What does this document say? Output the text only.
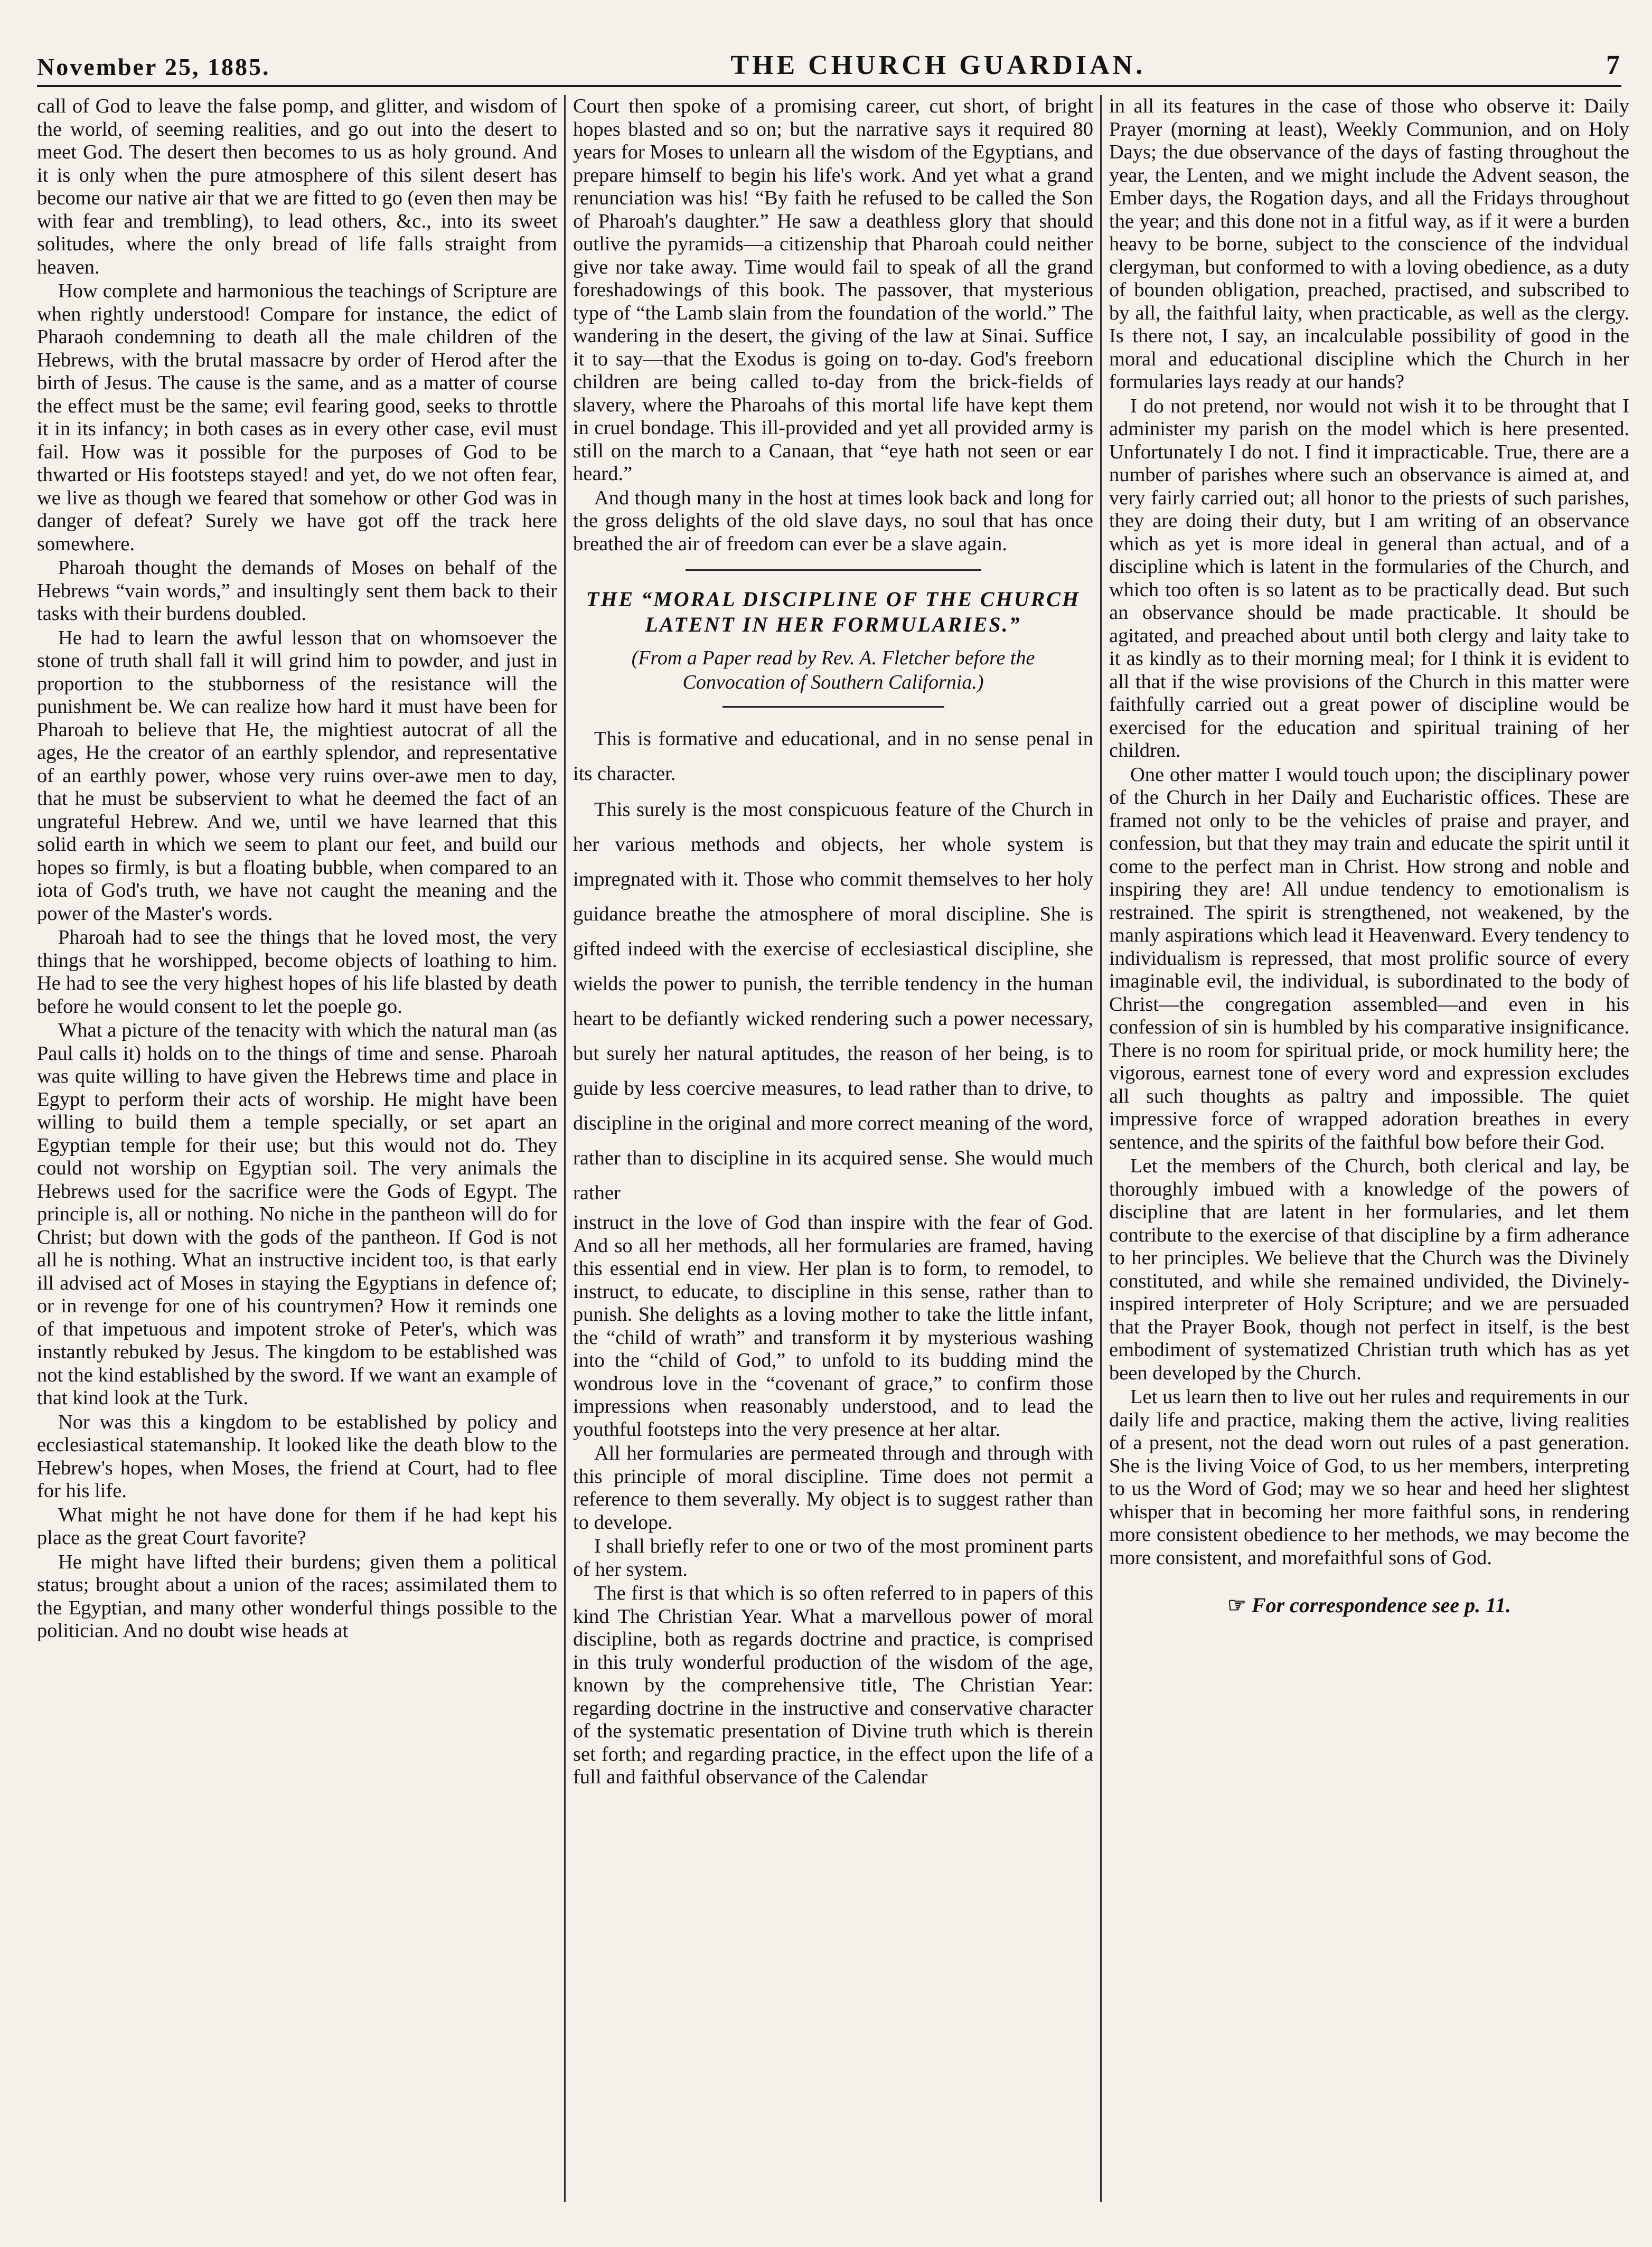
November 25, 1885.	THE CHURCH GUARDIAN.	7

call of God to leave the false pomp, and glitter, and wisdom of the world, of seeming realities, and go out into the desert to meet God. The desert then becomes to us as holy ground. And it is only when the pure atmosphere of this silent desert has become our native air that we are fitted to go (even then may be with fear and trembling), to lead others, &c., into its sweet solitudes, where the only bread of life falls straight from heaven.

How complete and harmonious the teachings of Scripture are when rightly understood! Compare for instance, the edict of Pharaoh condemning to death all the male children of the Hebrews, with the brutal massacre by order of Herod after the birth of Jesus. The cause is the same, and as a matter of course the effect must be the same; evil fearing good, seeks to throttle it in its infancy; in both cases as in every other case, evil must fail. How was it possible for the purposes of God to be thwarted or His footsteps stayed! and yet, do we not often fear, we live as though we feared that somehow or other God was in danger of defeat? Surely we have got off the track here somewhere.

Pharoah thought the demands of Moses on behalf of the Hebrews “vain words,” and insultingly sent them back to their tasks with their burdens doubled.

He had to learn the awful lesson that on whomsoever the stone of truth shall fall it will grind him to powder, and just in proportion to the stubborness of the resistance will the punishment be. We can realize how hard it must have been for Pharoah to believe that He, the mightiest autocrat of all the ages, He the creator of an earthly splendor, and representative of an earthly power, whose very ruins over-awe men to day, that he must be subservient to what he deemed the fact of an ungrateful Hebrew. And we, until we have learned that this solid earth in which we seem to plant our feet, and build our hopes so firmly, is but a floating bubble, when compared to an iota of God's truth, we have not caught the meaning and the power of the Master's words.

Pharoah had to see the things that he loved most, the very things that he worshipped, become objects of loathing to him. He had to see the very highest hopes of his life blasted by death before he would consent to let the poeple go.

What a picture of the tenacity with which the natural man (as Paul calls it) holds on to the things of time and sense. Pharoah was quite willing to have given the Hebrews time and place in Egypt to perform their acts of worship. He might have been willing to build them a temple specially, or set apart an Egyptian temple for their use; but this would not do. They could not worship on Egyptian soil. The very animals the Hebrews used for the sacrifice were the Gods of Egypt. The principle is, all or nothing. No niche in the pantheon will do for Christ; but down with the gods of the pantheon. If God is not all he is nothing. What an instructive incident too, is that early ill advised act of Moses in staying the Egyptians in defence of; or in revenge for one of his countrymen? How it reminds one of that impetuous and impotent stroke of Peter's, which was instantly rebuked by Jesus. The kingdom to be established was not the kind established by the sword. If we want an example of that kind look at the Turk.

Nor was this a kingdom to be established by policy and ecclesiastical statemanship. It looked like the death blow to the Hebrew's hopes, when Moses, the friend at Court, had to flee for his life.

What might he not have done for them if he had kept his place as the great Court favorite?

He might have lifted their burdens; given them a political status; brought about a union of the races; assimilated them to the Egyptian, and many other wonderful things possible to the politician. And no doubt wise heads at

Court then spoke of a promising career, cut short, of bright hopes blasted and so on; but the narrative says it required 80 years for Moses to unlearn all the wisdom of the Egyptians, and prepare himself to begin his life's work. And yet what a grand renunciation was his! “By faith he refused to be called the Son of Pharoah's daughter.” He saw a deathless glory that should outlive the pyramids—a citizenship that Pharoah could neither give nor take away. Time would fail to speak of all the grand foreshadowings of this book. The passover, that mysterious type of “the Lamb slain from the foundation of the world.” The wandering in the desert, the giving of the law at Sinai. Suffice it to say—that the Exodus is going on to-day. God's freeborn children are being called to-day from the brick-fields of slavery, where the Pharoahs of this mortal life have kept them in cruel bondage. This ill-provided and yet all provided army is still on the march to a Canaan, that “eye hath not seen or ear heard.”

And though many in the host at times look back and long for the gross delights of the old slave days, no soul that has once breathed the air of freedom can ever be a slave again.

THE “MORAL DISCIPLINE OF THE CHURCH LATENT IN HER FORMULARIES.”
(From a Paper read by Rev. A. Fletcher before the Convocation of Southern California.)

This is formative and educational, and in no sense penal in its character.

This surely is the most conspicuous feature of the Church in her various methods and objects, her whole system is impregnated with it. Those who commit themselves to her holy guidance breathe the atmosphere of moral discipline. She is gifted indeed with the exercise of ecclesiastical discipline, she wields the power to punish, the terrible tendency in the human heart to be defiantly wicked rendering such a power necessary, but surely her natural aptitudes, the reason of her being, is to guide by less coercive measures, to lead rather than to drive, to discipline in the original and more correct meaning of the word, rather than to discipline in its acquired sense. She would much rather

instruct in the love of God than inspire with the fear of God. And so all her methods, all her formularies are framed, having this essential end in view. Her plan is to form, to remodel, to instruct, to educate, to discipline in this sense, rather than to punish. She delights as a loving mother to take the little infant, the “child of wrath” and transform it by mysterious washing into the “child of God,” to unfold to its budding mind the wondrous love in the “covenant of grace,” to confirm those impressions when reasonably understood, and to lead the youthful footsteps into the very presence at her altar.

All her formularies are permeated through and through with this principle of moral discipline. Time does not permit a reference to them severally. My object is to suggest rather than to develope.

I shall briefly refer to one or two of the most prominent parts of her system.

The first is that which is so often referred to in papers of this kind The Christian Year. What a marvellous power of moral discipline, both as regards doctrine and practice, is comprised in this truly wonderful production of the wisdom of the age, known by the comprehensive title, The Christian Year: regarding doctrine in the instructive and conservative character of the systematic presentation of Divine truth which is therein set forth; and regarding practice, in the effect upon the life of a full and faithful observance of the Calendar

in all its features in the case of those who observe it: Daily Prayer (morning at least), Weekly Communion, and on Holy Days; the due observance of the days of fasting throughout the year, the Lenten, and we might include the Advent season, the Ember days, the Rogation days, and all the Fridays throughout the year; and this done not in a fitful way, as if it were a burden heavy to be borne, subject to the conscience of the indvidual clergyman, but conformed to with a loving obedience, as a duty of bounden obligation, preached, practised, and subscribed to by all, the faithful laity, when practicable, as well as the clergy. Is there not, I say, an incalculable possibility of good in the moral and educational discipline which the Church in her formularies lays ready at our hands?

I do not pretend, nor would not wish it to be throught that I administer my parish on the model which is here presented. Unfortunately I do not. I find it impracticable. True, there are a number of parishes where such an observance is aimed at, and very fairly carried out; all honor to the priests of such parishes, they are doing their duty, but I am writing of an observance which as yet is more ideal in general than actual, and of a discipline which is latent in the formularies of the Church, and which too often is so latent as to be practically dead. But such an observance should be made practicable. It should be agitated, and preached about until both clergy and laity take to it as kindly as to their morning meal; for I think it is evident to all that if the wise provisions of the Church in this matter were faithfully carried out a great power of discipline would be exercised for the education and spiritual training of her children.

One other matter I would touch upon; the disciplinary power of the Church in her Daily and Eucharistic offices. These are framed not only to be the vehicles of praise and prayer, and confession, but that they may train and educate the spirit until it come to the perfect man in Christ. How strong and noble and inspiring they are! All undue tendency to emotionalism is restrained. The spirit is strengthened, not weakened, by the manly aspirations which lead it Heavenward. Every tendency to individualism is repressed, that most prolific source of every imaginable evil, the individual, is subordinated to the body of Christ—the congregation assembled—and even in his confession of sin is humbled by his comparative insignificance. There is no room for spiritual pride, or mock humility here; the vigorous, earnest tone of every word and expression excludes all such thoughts as paltry and impossible. The quiet impressive force of wrapped adoration breathes in every sentence, and the spirits of the faithful bow before their God.

Let the members of the Church, both clerical and lay, be thoroughly imbued with a knowledge of the powers of discipline that are latent in her formularies, and let them contribute to the exercise of that discipline by a firm adherance to her principles. We believe that the Church was the Divinely constituted, and while she remained undivided, the Divinely-inspired interpreter of Holy Scripture; and we are persuaded that the Prayer Book, though not perfect in itself, is the best embodiment of systematized Christian truth which has as yet been developed by the Church.

Let us learn then to live out her rules and requirements in our daily life and practice, making them the active, living realities of a present, not the dead worn out rules of a past generation. She is the living Voice of God, to us her members, interpreting to us the Word of God; may we so hear and heed her slightest whisper that in becoming her more faithful sons, in rendering more consistent obedience to her methods, we may become the more consistent, and morefaithful sons of God.

☞ For correspondence see p. 11.
